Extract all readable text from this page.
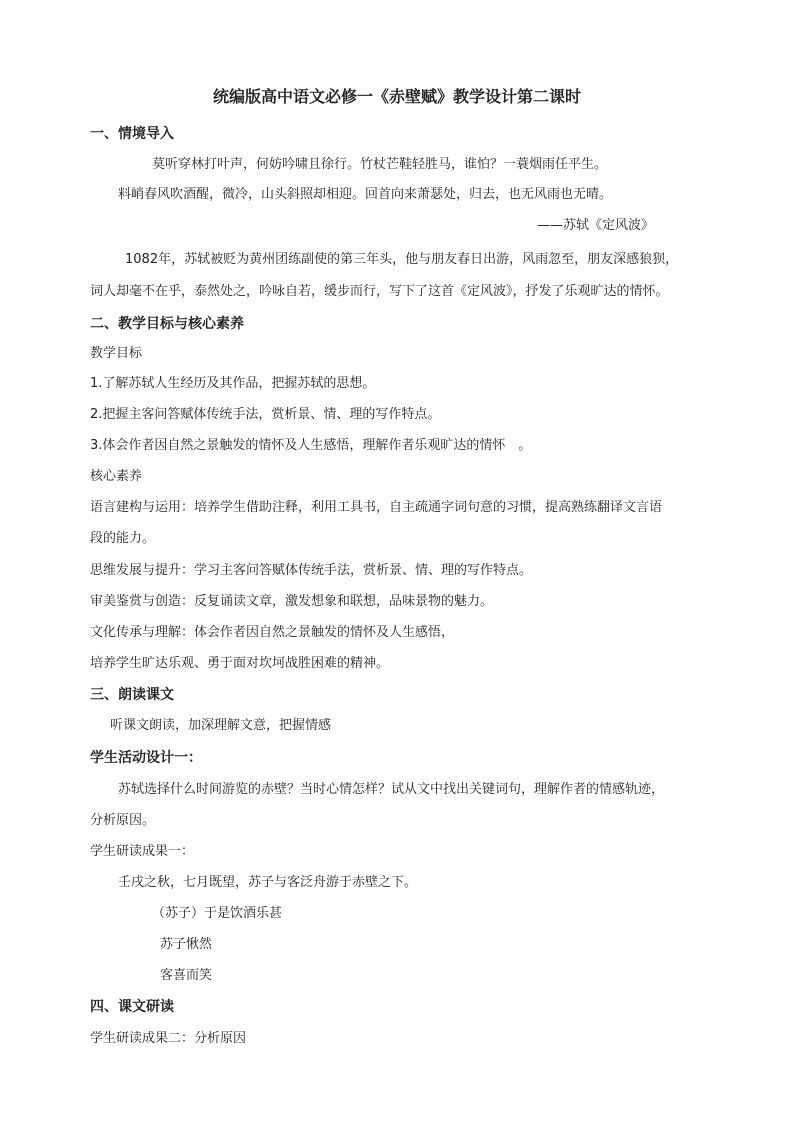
统编版高中语文必修一《赤壁赋》教学设计第二课时

一、情境导入

莫听穿林打叶声，何妨吟啸且徐行。竹杖芒鞋轻胜马，谁怕？一蓑烟雨任平生。

料峭春风吹酒醒，微冷，山头斜照却相迎。回首向来萧瑟处，归去，也无风雨也无晴。

——苏轼《定风波》

1082年，苏轼被贬为黄州团练副使的第三年头，他与朋友春日出游，风雨忽至，朋友深感狼狈，

词人却毫不在乎，泰然处之，吟咏自若，缓步而行，写下了这首《定风波》，抒发了乐观旷达的情怀。

二、教学目标与核心素养

教学目标

1.了解苏轼人生经历及其作品，把握苏轼的思想。

2.把握主客问答赋体传统手法，赏析景、情、理的写作特点。

3.体会作者因自然之景触发的情怀及人生感悟，理解作者乐观旷达的情怀　。

核心素养

语言建构与运用：培养学生借助注释，利用工具书，自主疏通字词句意的习惯，提高熟练翻译文言语

段的能力。

思维发展与提升：学习主客问答赋体传统手法，赏析景、情、理的写作特点。

审美鉴赏与创造：反复诵读文章，激发想象和联想，品味景物的魅力。

文化传承与理解：体会作者因自然之景触发的情怀及人生感悟，

培养学生旷达乐观、勇于面对坎坷战胜困难的精神。

三、朗读课文

听课文朗读，加深理解文意，把握情感

学生活动设计一：

苏轼选择什么时间游览的赤壁？当时心情怎样？试从文中找出关键词句，理解作者的情感轨迹，

分析原因。

学生研读成果一：

壬戌之秋，七月既望，苏子与客泛舟游于赤壁之下。

（苏子）于是饮酒乐甚

苏子愀然

客喜而笑

四、课文研读

学生研读成果二：分析原因
